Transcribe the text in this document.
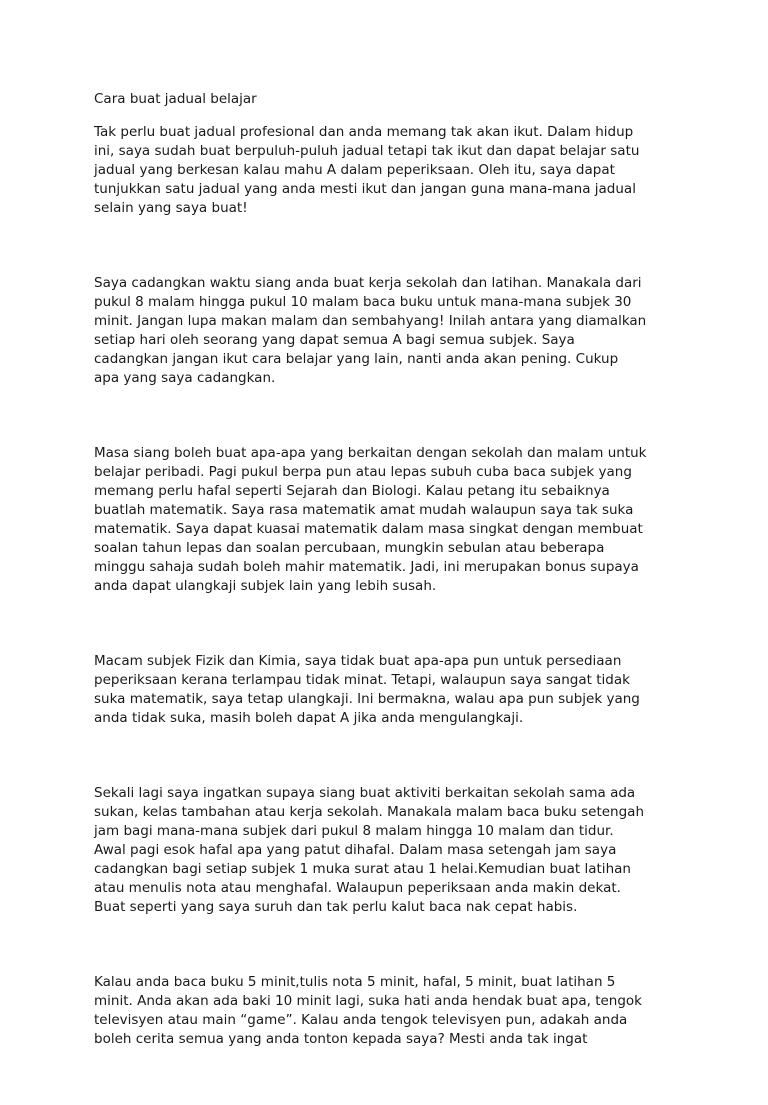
Cara buat jadual belajar
Tak perlu buat jadual profesional dan anda memang tak akan ikut. Dalam hidup
ini, saya sudah buat berpuluh-puluh jadual tetapi tak ikut dan dapat belajar satu
jadual yang berkesan kalau mahu A dalam peperiksaan. Oleh itu, saya dapat
tunjukkan satu jadual yang anda mesti ikut dan jangan guna mana-mana jadual
selain yang saya buat!
Saya cadangkan waktu siang anda buat kerja sekolah dan latihan. Manakala dari
pukul 8 malam hingga pukul 10 malam baca buku untuk mana-mana subjek 30
minit. Jangan lupa makan malam dan sembahyang! Inilah antara yang diamalkan
setiap hari oleh seorang yang dapat semua A bagi semua subjek. Saya
cadangkan jangan ikut cara belajar yang lain, nanti anda akan pening. Cukup
apa yang saya cadangkan.
Masa siang boleh buat apa-apa yang berkaitan dengan sekolah dan malam untuk
belajar peribadi. Pagi pukul berpa pun atau lepas subuh cuba baca subjek yang
memang perlu hafal seperti Sejarah dan Biologi. Kalau petang itu sebaiknya
buatlah matematik. Saya rasa matematik amat mudah walaupun saya tak suka
matematik. Saya dapat kuasai matematik dalam masa singkat dengan membuat
soalan tahun lepas dan soalan percubaan, mungkin sebulan atau beberapa
minggu sahaja sudah boleh mahir matematik. Jadi, ini merupakan bonus supaya
anda dapat ulangkaji subjek lain yang lebih susah.
Macam subjek Fizik dan Kimia, saya tidak buat apa-apa pun untuk persediaan
peperiksaan kerana terlampau tidak minat. Tetapi, walaupun saya sangat tidak
suka matematik, saya tetap ulangkaji. Ini bermakna, walau apa pun subjek yang
anda tidak suka, masih boleh dapat A jika anda mengulangkaji.
Sekali lagi saya ingatkan supaya siang buat aktiviti berkaitan sekolah sama ada
sukan, kelas tambahan atau kerja sekolah. Manakala malam baca buku setengah
jam bagi mana-mana subjek dari pukul 8 malam hingga 10 malam dan tidur.
Awal pagi esok hafal apa yang patut dihafal. Dalam masa setengah jam saya
cadangkan bagi setiap subjek 1 muka surat atau 1 helai.Kemudian buat latihan
atau menulis nota atau menghafal. Walaupun peperiksaan anda makin dekat.
Buat seperti yang saya suruh dan tak perlu kalut baca nak cepat habis.
Kalau anda baca buku 5 minit,tulis nota 5 minit, hafal, 5 minit, buat latihan 5
minit. Anda akan ada baki 10 minit lagi, suka hati anda hendak buat apa, tengok
televisyen atau main “game”. Kalau anda tengok televisyen pun, adakah anda
boleh cerita semua yang anda tonton kepada saya? Mesti anda tak ingat
